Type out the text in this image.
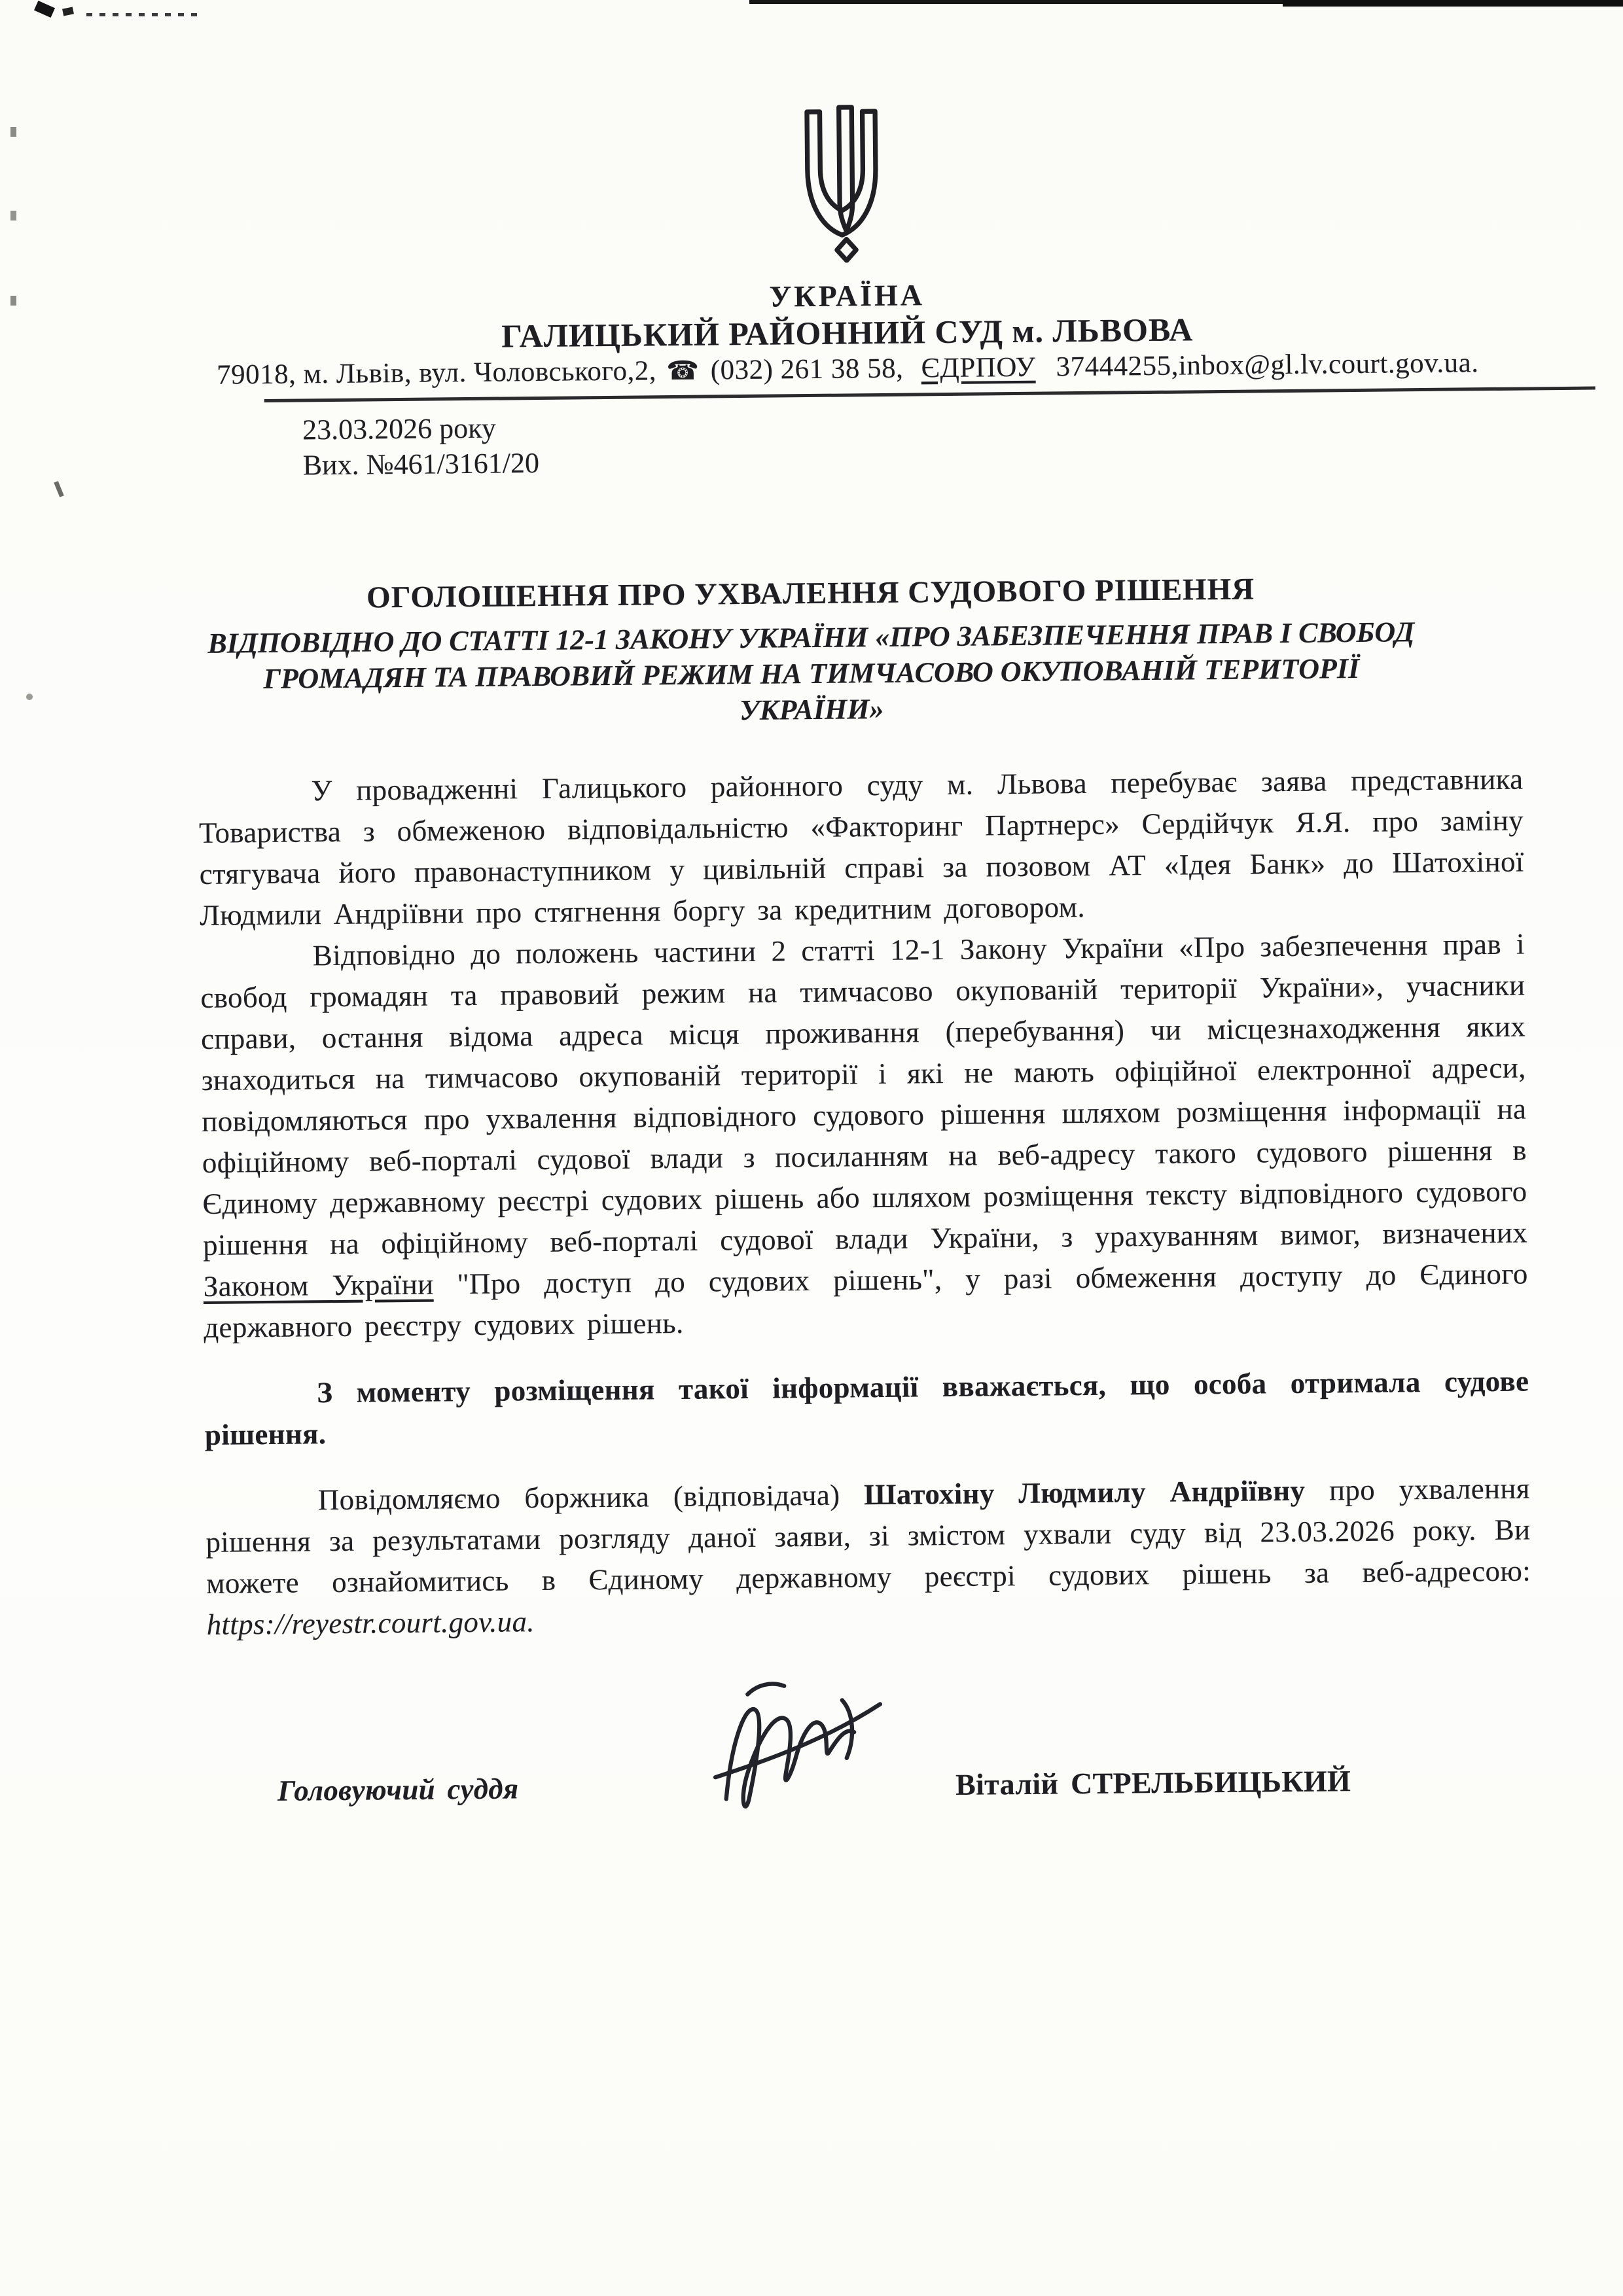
УКРАЇНА
ГАЛИЦЬКИЙ РАЙОННИЙ СУД м. ЛЬВОВА
79018, м. Львів, вул. Чоловського,2, ☎ (032) 261 38 58, ЄДРПОУ 37444255,inbox@gl.lv.court.gov.ua.
23.03.2026 року
Вих. №461/3161/20
ОГОЛОШЕННЯ ПРО УХВАЛЕННЯ СУДОВОГО РІШЕННЯ
ВІДПОВІДНО ДО СТАТТІ 12-1 ЗАКОНУ УКРАЇНИ «ПРО ЗАБЕЗПЕЧЕННЯ ПРАВ І СВОБОД ГРОМАДЯН ТА ПРАВОВИЙ РЕЖИМ НА ТИМЧАСОВО ОКУПОВАНІЙ ТЕРИТОРІЇ УКРАЇНИ»

У провадженні Галицького районного суду м. Львова перебуває заява представника Товариства з обмеженою відповідальністю «Факторинг Партнерс» Сердійчук Я.Я. про заміну стягувача його правонаступником у цивільній справі за позовом АТ «Ідея Банк» до Шатохіної Людмили Андріївни про стягнення боргу за кредитним договором.

Відповідно до положень частини 2 статті 12-1 Закону України «Про забезпечення прав і свобод громадян та правовий режим на тимчасово окупованій території України», учасники справи, остання відома адреса місця проживання (перебування) чи місцезнаходження яких знаходиться на тимчасово окупованій території і які не мають офіційної електронної адреси, повідомляються про ухвалення відповідного судового рішення шляхом розміщення інформації на офіційному веб-порталі судової влади з посиланням на веб-адресу такого судового рішення в Єдиному державному реєстрі судових рішень або шляхом розміщення тексту відповідного судового рішення на офіційному веб-порталі судової влади України, з урахуванням вимог, визначених Законом України "Про доступ до судових рішень", у разі обмеження доступу до Єдиного державного реєстру судових рішень.

З моменту розміщення такої інформації вважається, що особа отримала судове рішення.

Повідомляємо боржника (відповідача) Шатохіну Людмилу Андріївну про ухвалення рішення за результатами розгляду даної заяви, зі змістом ухвали суду від 23.03.2026 року. Ви можете ознайомитись в Єдиному державному реєстрі судових рішень за веб-адресою: https://reyestr.court.gov.ua.

Головуючий суддя	Віталій СТРЕЛЬБИЦЬКИЙ
